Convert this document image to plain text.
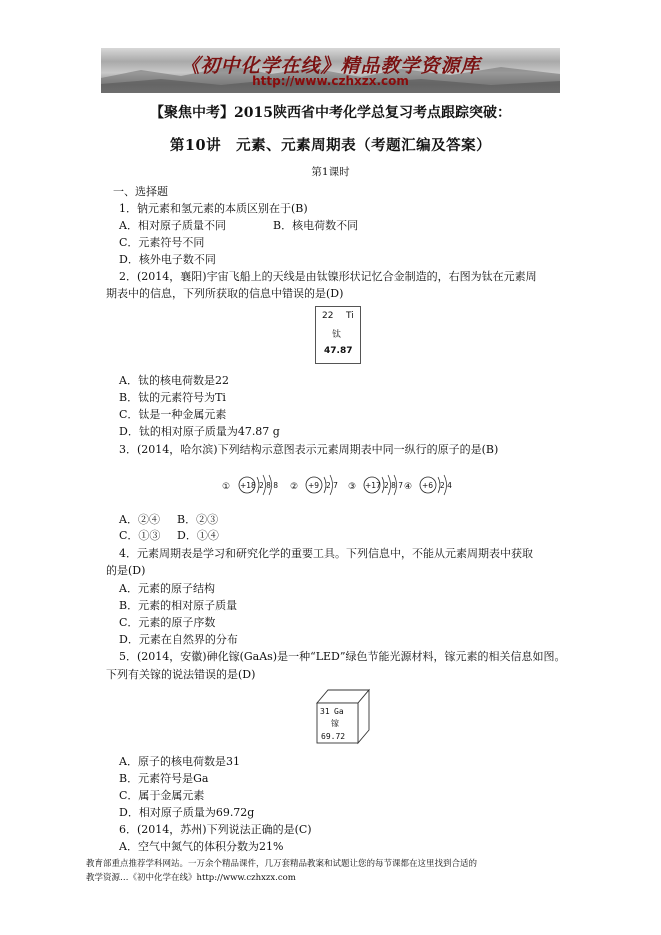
《初中化学在线》精品教学资源库
http://www.czhxzx.com
【聚焦中考】2015陕西省中考化学总复习考点跟踪突破：
第10讲　元素、元素周期表（考题汇编及答案）
第1课时
一、选择题
1．钠元素和氢元素的本质区别在于(B)
A．相对原子质量不同	B．核电荷数不同
C．元素符号不同
D．核外电子数不同
2．(2014，襄阳)宇宙飞船上的天线是由钛镍形状记忆合金制造的，右图为钛在元素周
期表中的信息，下列所获取的信息中错误的是(D)
22 Ti
钛
47.87
A．钛的核电荷数是22
B．钛的元素符号为Ti
C．钛是一种金属元素
D．钛的相对原子质量为47.87 g
3．(2014，哈尔滨)下列结构示意图表示元素周期表中同一纵行的原子的是(B)
① +18 2 8 8 ② +9 2 7 ③ +17 2 8 7 ④ +6 2 4
A．②④ B．②③
C．①③ D．①④
4．元素周期表是学习和研究化学的重要工具。下列信息中，不能从元素周期表中获取
的是(D)
A．元素的原子结构
B．元素的相对原子质量
C．元素的原子序数
D．元素在自然界的分布
5．(2014，安徽)砷化镓(GaAs)是一种“LED”绿色节能光源材料，镓元素的相关信息如图。
下列有关镓的说法错误的是(D)
31 Ga
镓
69.72
A．原子的核电荷数是31
B．元素符号是Ga
C．属于金属元素
D．相对原子质量为69.72g
6．(2014，苏州)下列说法正确的是(C)
A．空气中氮气的体积分数为21%
教育部重点推荐学科网站。一万余个精品课件，几万套精品教案和试题让您的每节课都在这里找到合适的
教学资源…《初中化学在线》http://www.czhxzx.com
